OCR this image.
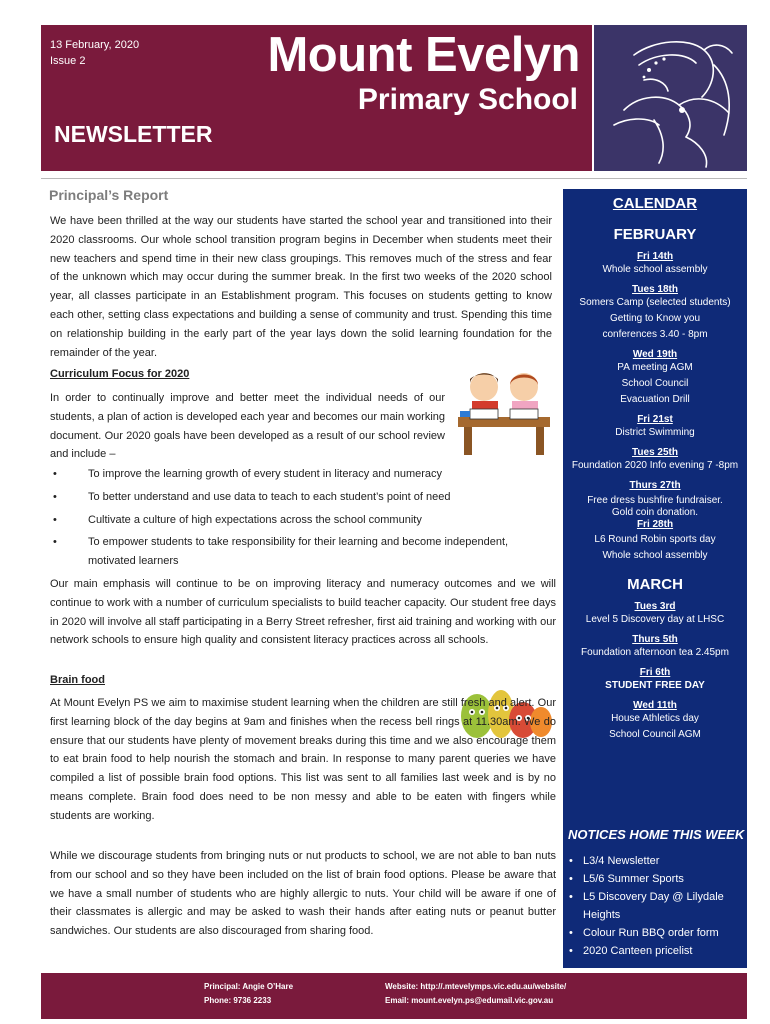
13 February, 2020
Issue 2	Mount Evelyn
Primary School
NEWSLETTER
Principal’s Report
We have been thrilled at the way our students have started the school year and transitioned into their 2020 classrooms. Our whole school transition program begins in December when students meet their new teachers and spend time in their new class groupings. This removes much of the stress and fear of the unknown which may occur during the summer break. In the first two weeks of the 2020 school year, all classes participate in an Establishment program. This focuses on students getting to know each other, setting class expectations and building a sense of community and trust. Spending this time on relationship building in the early part of the year lays down the solid learning foundation for the remainder of the year.
Curriculum Focus for 2020
In order to continually improve and better meet the individual needs of our students, a plan of action is developed each year and becomes our main working document. Our 2020 goals have been developed as a result of our school review and include –
• To improve the learning growth of every student in literacy and numeracy
• To better understand and use data to teach to each student’s point of need
• Cultivate a culture of high expectations across the school community
• To empower students to take responsibility for their learning and become independent, motivated learners
Our main emphasis will continue to be on improving literacy and numeracy outcomes and we will continue to work with a number of curriculum specialists to build teacher capacity. Our student free days in 2020 will involve all staff participating in a Berry Street refresher, first aid training and working with our network schools to ensure high quality and consistent literacy practices across all schools.
Brain food
At Mount Evelyn PS we aim to maximise student learning when the children are still fresh and alert. Our first learning block of the day begins at 9am and finishes when the recess bell rings at 11.30am. We do ensure that our students have plenty of movement breaks during this time and we also encourage them to eat brain food to help nourish the stomach and brain. In response to many parent queries we have compiled a list of possible brain food options. This list was sent to all families last week and is by no means complete. Brain food does need to be non messy and able to be eaten with fingers while students are working.
While we discourage students from bringing nuts or nut products to school, we are not able to ban nuts from our school and so they have been included on the list of brain food options. Please be aware that we have a small number of students who are highly allergic to nuts. Your child will be aware if one of their classmates is allergic and may be asked to wash their hands after eating nuts or peanut butter sandwiches. Our students are also discouraged from sharing food.
CALENDAR
FEBRUARY
Fri 14th
Whole school assembly
Tues 18th
Somers Camp (selected students)
Getting to Know you
conferences 3.40 - 8pm
Wed 19th
PA meeting AGM
School Council
Evacuation Drill
Fri 21st
District Swimming
Tues 25th
Foundation 2020 Info evening 7 -8pm
Thurs 27th
Free dress bushfire fundraiser.
Gold coin donation.
Fri 28th
L6 Round Robin sports day
Whole school assembly
MARCH
Tues 3rd
Level 5 Discovery day at LHSC
Thurs 5th
Foundation afternoon tea 2.45pm
Fri 6th
STUDENT FREE DAY
Wed 11th
House Athletics day
School Council AGM
NOTICES HOME THIS WEEK
• L3/4 Newsletter
• L5/6 Summer Sports
• L5 Discovery Day @ Lilydale Heights
• Colour Run BBQ order form
• 2020 Canteen pricelist
Principal: Angie O’Hare
Phone: 9736 2233
Website: http://.mtevelymps.vic.edu.au/website/
Email: mount.evelyn.ps@edumail.vic.gov.au
